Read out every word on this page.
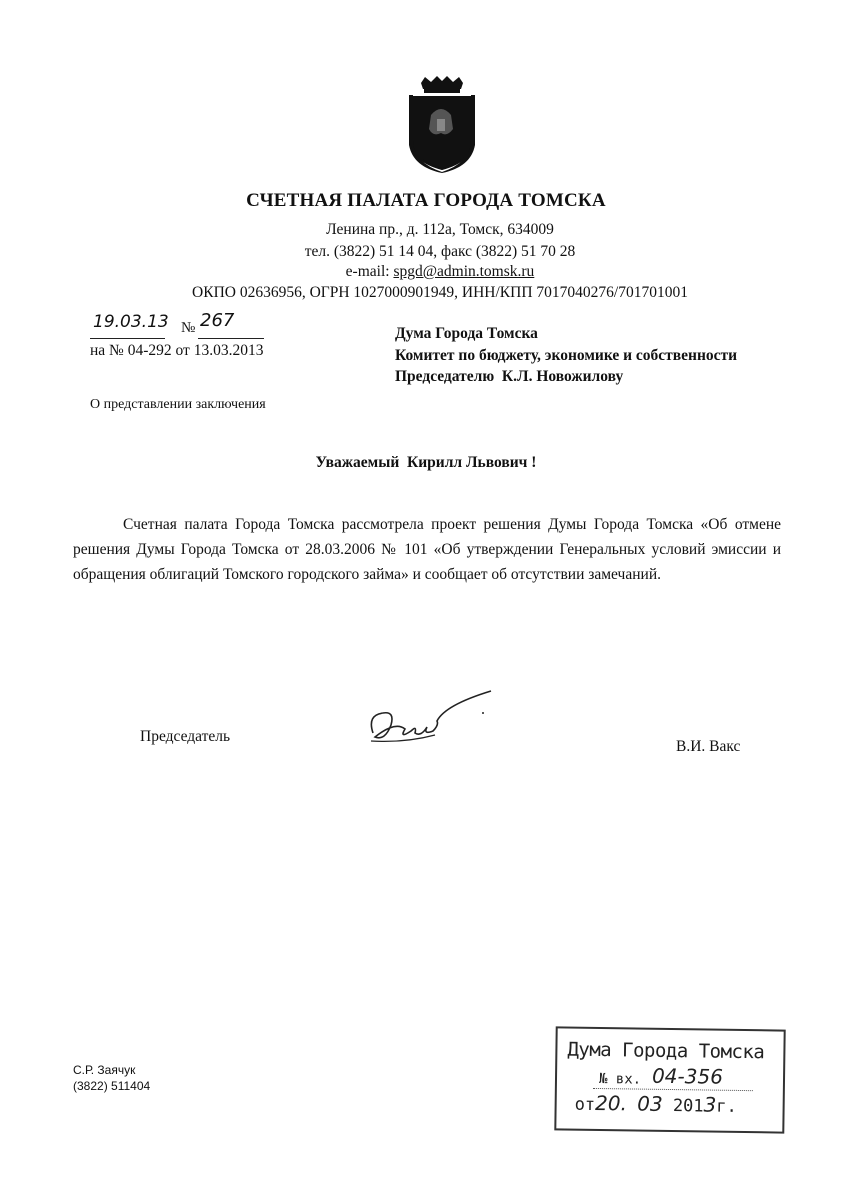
СЧЕТНАЯ ПАЛАТА ГОРОДА ТОМСКА
Ленина пр., д. 112а, Томск, 634009
тел. (3822) 51 14 04, факс (3822) 51 70 28
e-mail: spgd@admin.tomsk.ru
ОКПО 02636956, ОГРН 1027000901949, ИНН/КПП 7017040276/701701001
19.03.13 № 267
на № 04-292 от 13.03.2013
Дума Города Томска
Комитет по бюджету, экономике и собственности
Председателю  К.Л. Новожилову
О представлении заключения
Уважаемый  Кирилл Львович !
Счетная палата Города Томска рассмотрела проект решения Думы Города Томска «Об отмене решения Думы Города Томска от 28.03.2006 № 101 «Об утверждении Генеральных условий эмиссии и обращения облигаций Томского городского займа» и сообщает об отсутствии замечаний.
Председатель
В.И. Вакс
С.Р. Заячук
(3822) 511404
Дума Города Томска
№ вх. 04-356
от20. 03 2013г.
